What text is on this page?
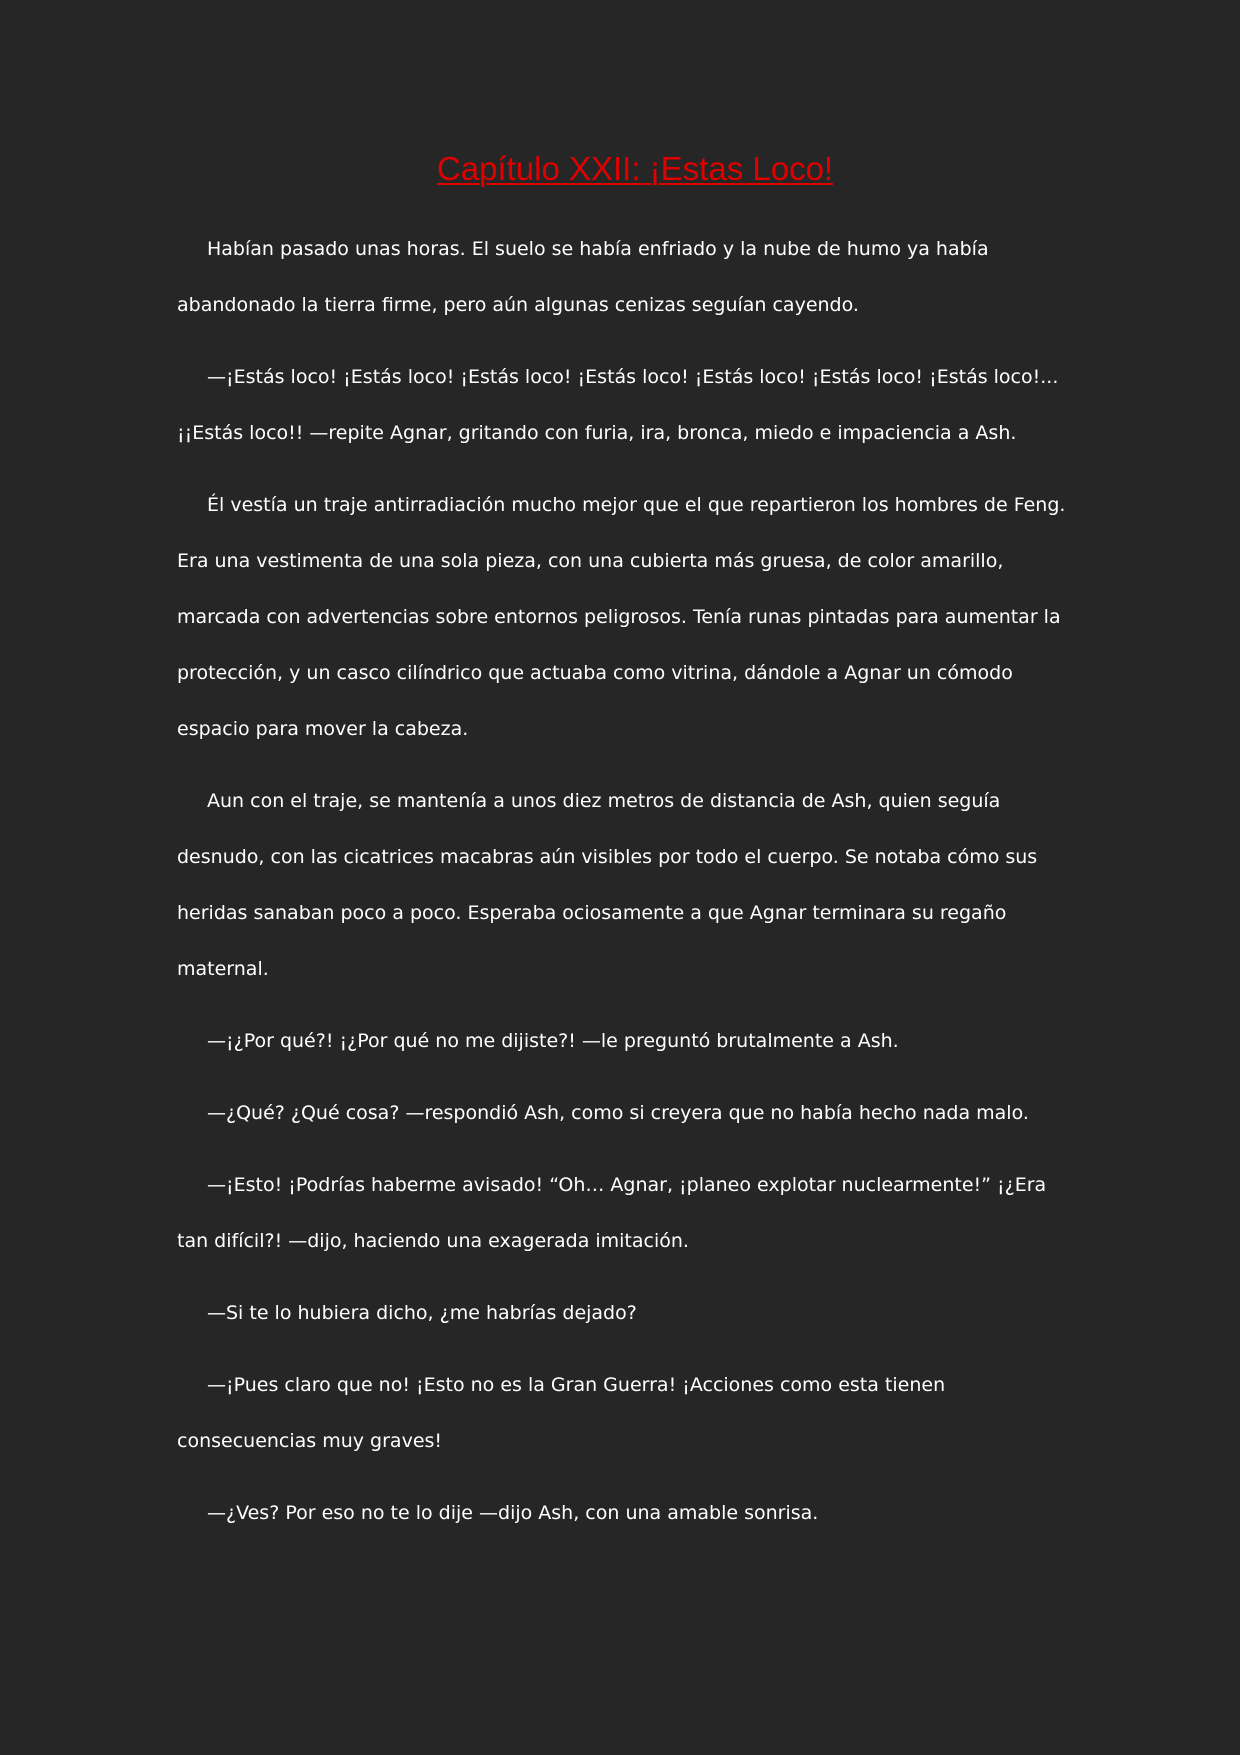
Capítulo XXII: ¡Estas Loco!

Habían pasado unas horas. El suelo se había enfriado y la nube de humo ya había abandonado la tierra firme, pero aún algunas cenizas seguían cayendo.

—¡Estás loco! ¡Estás loco! ¡Estás loco! ¡Estás loco! ¡Estás loco! ¡Estás loco! ¡Estás loco!... ¡¡Estás loco!! —repite Agnar, gritando con furia, ira, bronca, miedo e impaciencia a Ash.

Él vestía un traje antirradiación mucho mejor que el que repartieron los hombres de Feng. Era una vestimenta de una sola pieza, con una cubierta más gruesa, de color amarillo, marcada con advertencias sobre entornos peligrosos. Tenía runas pintadas para aumentar la protección, y un casco cilíndrico que actuaba como vitrina, dándole a Agnar un cómodo espacio para mover la cabeza.

Aun con el traje, se mantenía a unos diez metros de distancia de Ash, quien seguía desnudo, con las cicatrices macabras aún visibles por todo el cuerpo. Se notaba cómo sus heridas sanaban poco a poco. Esperaba ociosamente a que Agnar terminara su regaño maternal.

—¡¿Por qué?! ¡¿Por qué no me dijiste?! —le preguntó brutalmente a Ash.

—¿Qué? ¿Qué cosa? —respondió Ash, como si creyera que no había hecho nada malo.

—¡Esto! ¡Podrías haberme avisado! “Oh… Agnar, ¡planeo explotar nuclearmente!” ¡¿Era tan difícil?! —dijo, haciendo una exagerada imitación.

—Si te lo hubiera dicho, ¿me habrías dejado?

—¡Pues claro que no! ¡Esto no es la Gran Guerra! ¡Acciones como esta tienen consecuencias muy graves!

—¿Ves? Por eso no te lo dije —dijo Ash, con una amable sonrisa.
